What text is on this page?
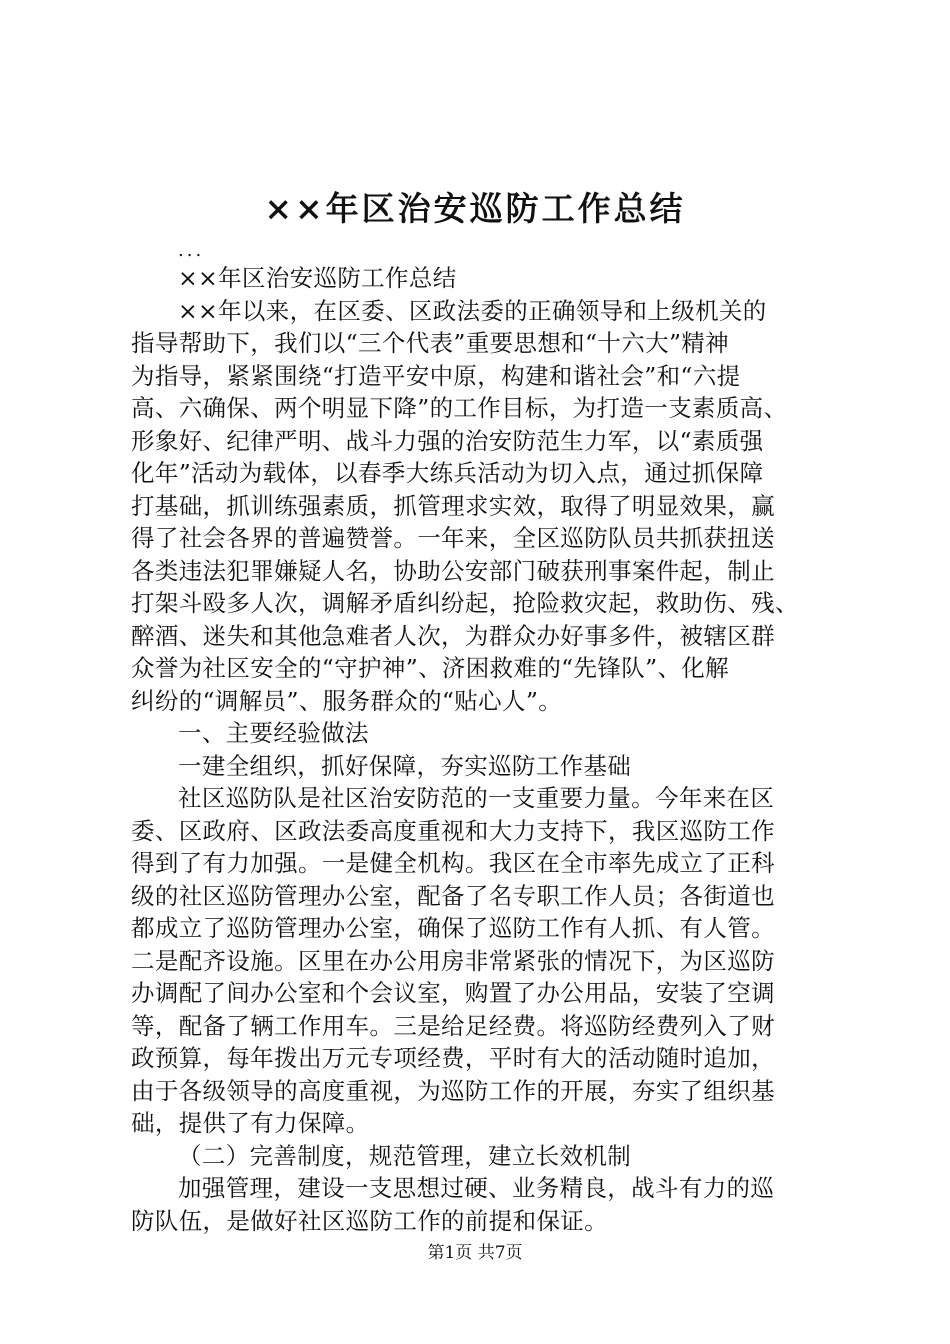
××年区治安巡防工作总结
...
××年区治安巡防工作总结
××年以来，在区委、区政法委的正确领导和上级机关的
指导帮助下，我们以“三个代表”重要思想和“十六大”精神
为指导，紧紧围绕“打造平安中原，构建和谐社会”和“六提
高、六确保、两个明显下降”的工作目标，为打造一支素质高、
形象好、纪律严明、战斗力强的治安防范生力军，以“素质强
化年”活动为载体，以春季大练兵活动为切入点，通过抓保障
打基础，抓训练强素质，抓管理求实效，取得了明显效果，赢
得了社会各界的普遍赞誉。一年来，全区巡防队员共抓获扭送
各类违法犯罪嫌疑人名，协助公安部门破获刑事案件起，制止
打架斗殴多人次，调解矛盾纠纷起，抢险救灾起，救助伤、残、
醉酒、迷失和其他急难者人次，为群众办好事多件，被辖区群
众誉为社区安全的“守护神”、济困救难的“先锋队”、化解
纠纷的“调解员”、服务群众的“贴心人”。
一、主要经验做法
一建全组织，抓好保障，夯实巡防工作基础
社区巡防队是社区治安防范的一支重要力量。今年来在区
委、区政府、区政法委高度重视和大力支持下，我区巡防工作
得到了有力加强。一是健全机构。我区在全市率先成立了正科
级的社区巡防管理办公室，配备了名专职工作人员；各街道也
都成立了巡防管理办公室，确保了巡防工作有人抓、有人管。
二是配齐设施。区里在办公用房非常紧张的情况下，为区巡防
办调配了间办公室和个会议室，购置了办公用品，安装了空调
等，配备了辆工作用车。三是给足经费。将巡防经费列入了财
政预算，每年拨出万元专项经费，平时有大的活动随时追加，
由于各级领导的高度重视，为巡防工作的开展，夯实了组织基
础，提供了有力保障。
（二）完善制度，规范管理，建立长效机制
加强管理，建设一支思想过硬、业务精良，战斗有力的巡
防队伍，是做好社区巡防工作的前提和保证。
第1页 共7页
